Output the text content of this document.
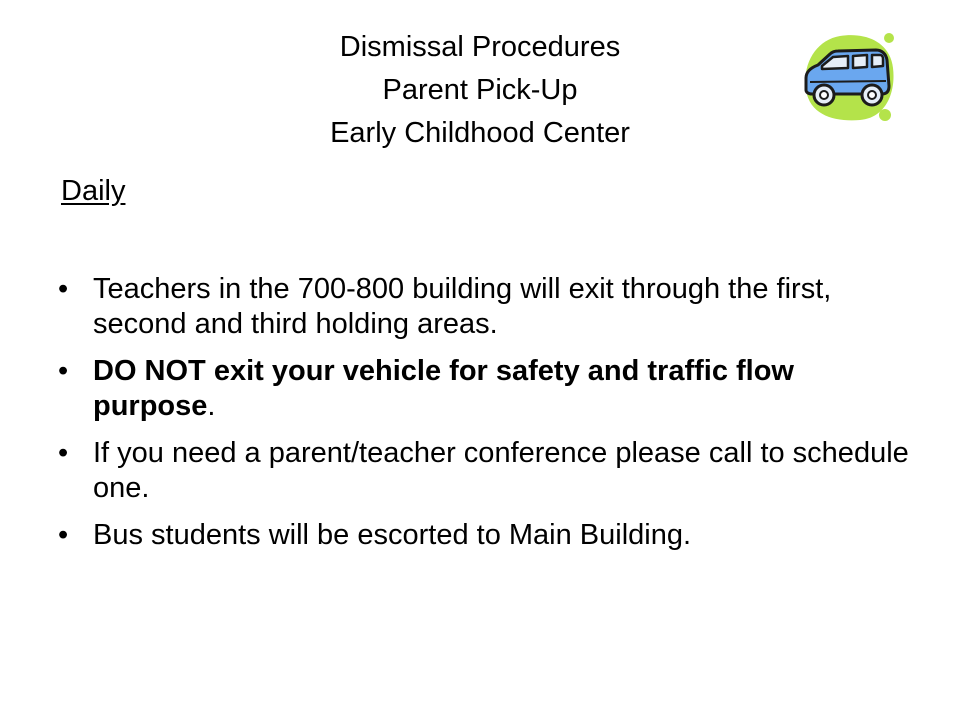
Dismissal Procedures
Parent Pick-Up
Early Childhood Center
Daily
• Teachers in the 700-800 building will exit through the first, second and third holding areas.
• DO NOT exit your vehicle for safety and traffic flow purpose.
• If you need a parent/teacher conference please call to schedule one.
• Bus students will be escorted to Main Building.
